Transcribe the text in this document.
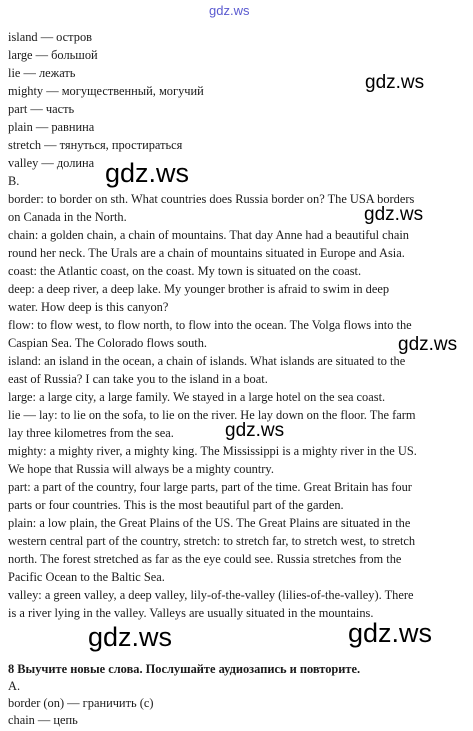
gdz.ws
island — остров
large — большой
lie — лежать
mighty — могущественный, могучий
part — часть
plain — равнина
stretch — тянуться, простираться
valley — долина
B.
border: to border on sth. What countries does Russia border on? The USA borders
on Canada in the North.
chain: a golden chain, a chain of mountains. That day Anne had a beautiful chain
round her neck. The Urals are a chain of mountains situated in Europe and Asia.
coast: the Atlantic coast, on the coast. My town is situated on the coast.
deep: a deep river, a deep lake. My younger brother is afraid to swim in deep
water. How deep is this canyon?
flow: to flow west, to flow north, to flow into the ocean. The Volga flows into the
Caspian Sea. The Colorado flows south.
island: an island in the ocean, a chain of islands. What islands are situated to the
east of Russia? I can take you to the island in a boat.
large: a large city, a large family. We stayed in a large hotel on the sea coast.
lie — lay: to lie on the sofa, to lie on the river. He lay down on the floor. The farm
lay three kilometres from the sea.
mighty: a mighty river, a mighty king. The Mississippi is a mighty river in the US.
We hope that Russia will always be a mighty country.
part: a part of the country, four large parts, part of the time. Great Britain has four
parts or four countries. This is the most beautiful part of the garden.
plain: a low plain, the Great Plains of the US. The Great Plains are situated in the
western central part of the country, stretch: to stretch far, to stretch west, to stretch
north. The forest stretched as far as the eye could see. Russia stretches from the
Pacific Ocean to the Baltic Sea.
valley: a green valley, a deep valley, lily-of-the-valley (lilies-of-the-valley). There
is a river lying in the valley. Valleys are usually situated in the mountains.
8 Выучите новые слова. Послушайте аудиозапись и повторите.
A.
border (on) — граничить (с)
chain — цепь
gdz.ws
gdz.ws
gdz.ws
gdz.ws
gdz.ws
gdz.ws	gdz.ws
